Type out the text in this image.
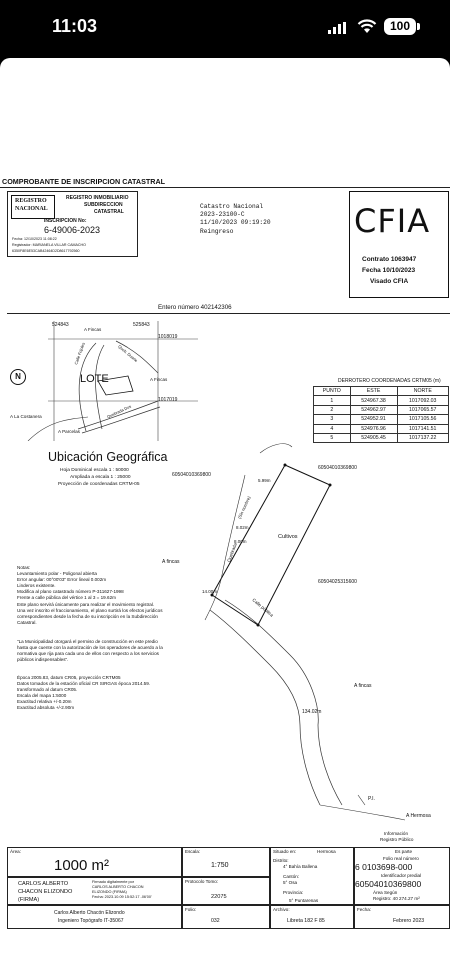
11:03	100
COMPROBANTE DE INSCRIPCION CATASTRAL
REGISTRO
NACIONAL
REGISTRO INMOBILIARIO
SUBDIRECCION
CATASTRAL
INSCRIPCION No:
6-49006-2023
Fecha: 12/10/2023 11:08:22
Registrador: MARIANELA VILLAR CAMACHO
6350F8E6E53CAB42464D2D8617792560
Catastro Nacional
2023-23100-C
11/10/2023 09:19:20
Reingreso	CFIA
Contrato 1063947
Fecha 10/10/2023
Visado CFIA
Entero número 402142306
524843	525843
1018019
1017019
A Fincas
A Fincas
Calle Frijoles
Quebrada Dos
Queb. Duarte
LOTE
A La Costanera
A Parcelas
N
Ubicación Geográfica
Hoja Dominical escala 1 : 50000
Ampliada a escala 1 : 25000
Proyección de coordenadas CRTM-05
DERROTERO COORDENADAS CRTM05 (m)
PUNTO	ESTE	NORTE
1	524967.38	1017092.03
2	524962.97	1017065.57
3	524952.91	1017105.56
4	524976.96	1017141.51
5	524905.45	1017137.22
60504010369800
60504010369800
60504025315600
Cultivos
(Sin nombre)
Quebrada
Calle pública
A fincas
A fincas
A Hermosa
P.I.
5.99m
8.02m
8.00m
14.00m
134.02m
Notas:
Levantamiento polar - Poligonal abierta
Error angular: 00°00'03" Error lineal 0.002m
Linderos existente.
Modifica al plano catastrado número P-311627-1998
Frente a calle pública del vértice 1 al 3 = 19.62m
Este plano servirá únicamente para realizar el movimiento registral.
Una vez inscrito el fraccionamiento, el plano surtirá los efectos jurídicos
correspondientes desde la fecha de su inscripción en la Subdirección
Catastral.
"La Municipalidad otorgará el permiso de construcción en este predio
hasta que cuente con la autorización de los operadores de acuerdo a la
normativa que rija para cada uno de ellos con respecto a los servicios
públicos indispensables".
Época 2005.83, datum CR05, proyección CRTM05
Datos tomados de la estación oficial CR SIRGAS época 2014.59.
transformado al datum CR05.
Escala del mapa 1:5000
Exactitud relativa +/-0.20m
Exactitud absoluta +/-2.90m
Información
Registro Público
Área:
1000 m²
Escala:
1:750
Situado en:	Hermosa
Distrito:
4° Bahía Ballena
Cantón:
5° Osa
Provincia:
5° Puntarenas
Es parte
Folio real número
6 0103698-000
Identificador predial
60504010369800
Área Según
Registro: 40 274.27 m²
CARLOS ALBERTO
CHACON ELIZONDO
(FIRMA)
Firmado digitalmente por
CARLOS ALBERTO CHACON
ELIZONDO (FIRMA)
Fecha: 2023.10.09 15:52:17 -06'00'
Protocolo Tomo:
22075
Carlos Alberto Chacón Elizondo
Ingeniero Topógrafo IT-35067
Folio:
032
Archivo:
Libreta 182 F 85
Fecha:
Febrero 2023
